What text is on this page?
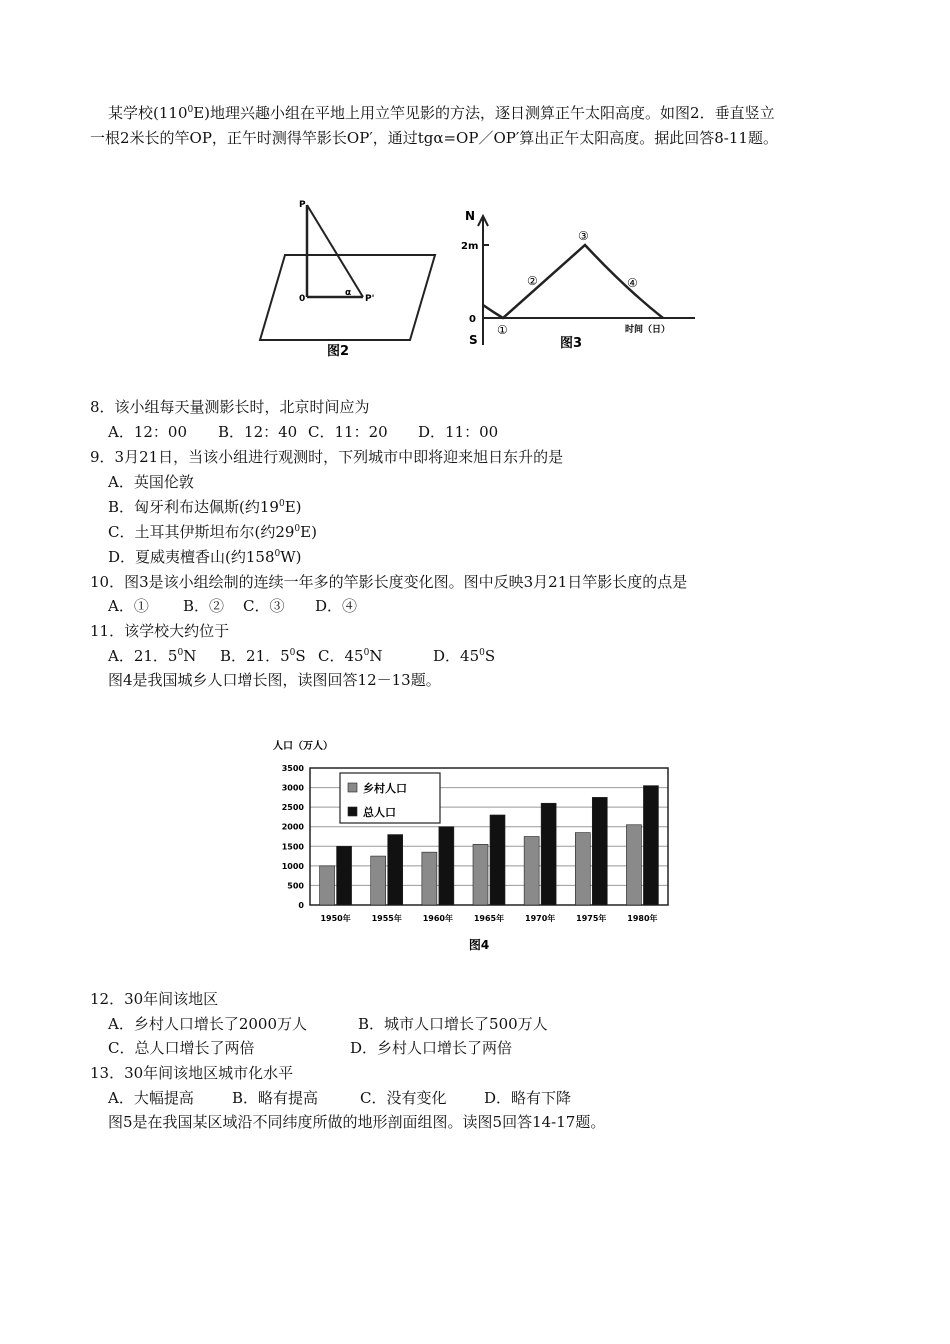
某学校$(110^0E)$地理兴趣小组在平地上用立竿见影的方法，逐日测算正午太阳高度。如图2．垂直竖立
一根2米长的竿OP，正午时测得竿影长OP′，通过tgα=OP／OP′算出正午太阳高度。据此回答8-11题。
P
0
α
P'
图2
N
2m
0
S
①
②
③
④
时间（日）
图3
8．该小组每天量测影长时，北京时间应为
A．12：00 B．12：40 C．11：20 D．11：00
9．3月21日，当该小组进行观测时，下列城市中即将迎来旭日东升的是
A．英国伦敦
B．匈牙利布达佩斯(约$19^0E$)
C．土耳其伊斯坦布尔(约$29^0E$)
D．夏威夷檀香山(约$158^0W$)
10．图3是该小组绘制的连续一年多的竿影长度变化图。图中反映3月21日竿影长度的点是
A．① B．② C．③ D．④
11．该学校大约位于
A．21．$5^0N$ B．21．$5^0S$ C．$45^0N$	D．$45^0S$
图4是我国城乡人口增长图，读图回答12－13题。
人口（万人）
0
500
1000
1500
2000
2500
3000
3500
1950年	1955年	1960年	1965年	1970年	1975年	1980年
乡村人口
总人口
图4
12．30年间该地区
A．乡村人口增长了2000万人	B．城市人口增长了500万人
C．总人口增长了两倍	D．乡村人口增长了两倍
13．30年间该地区城市化水平
A．大幅提高	B．略有提高	C．没有变化	D．略有下降
图5是在我国某区域沿不同纬度所做的地形剖面组图。读图5回答14-17题。
